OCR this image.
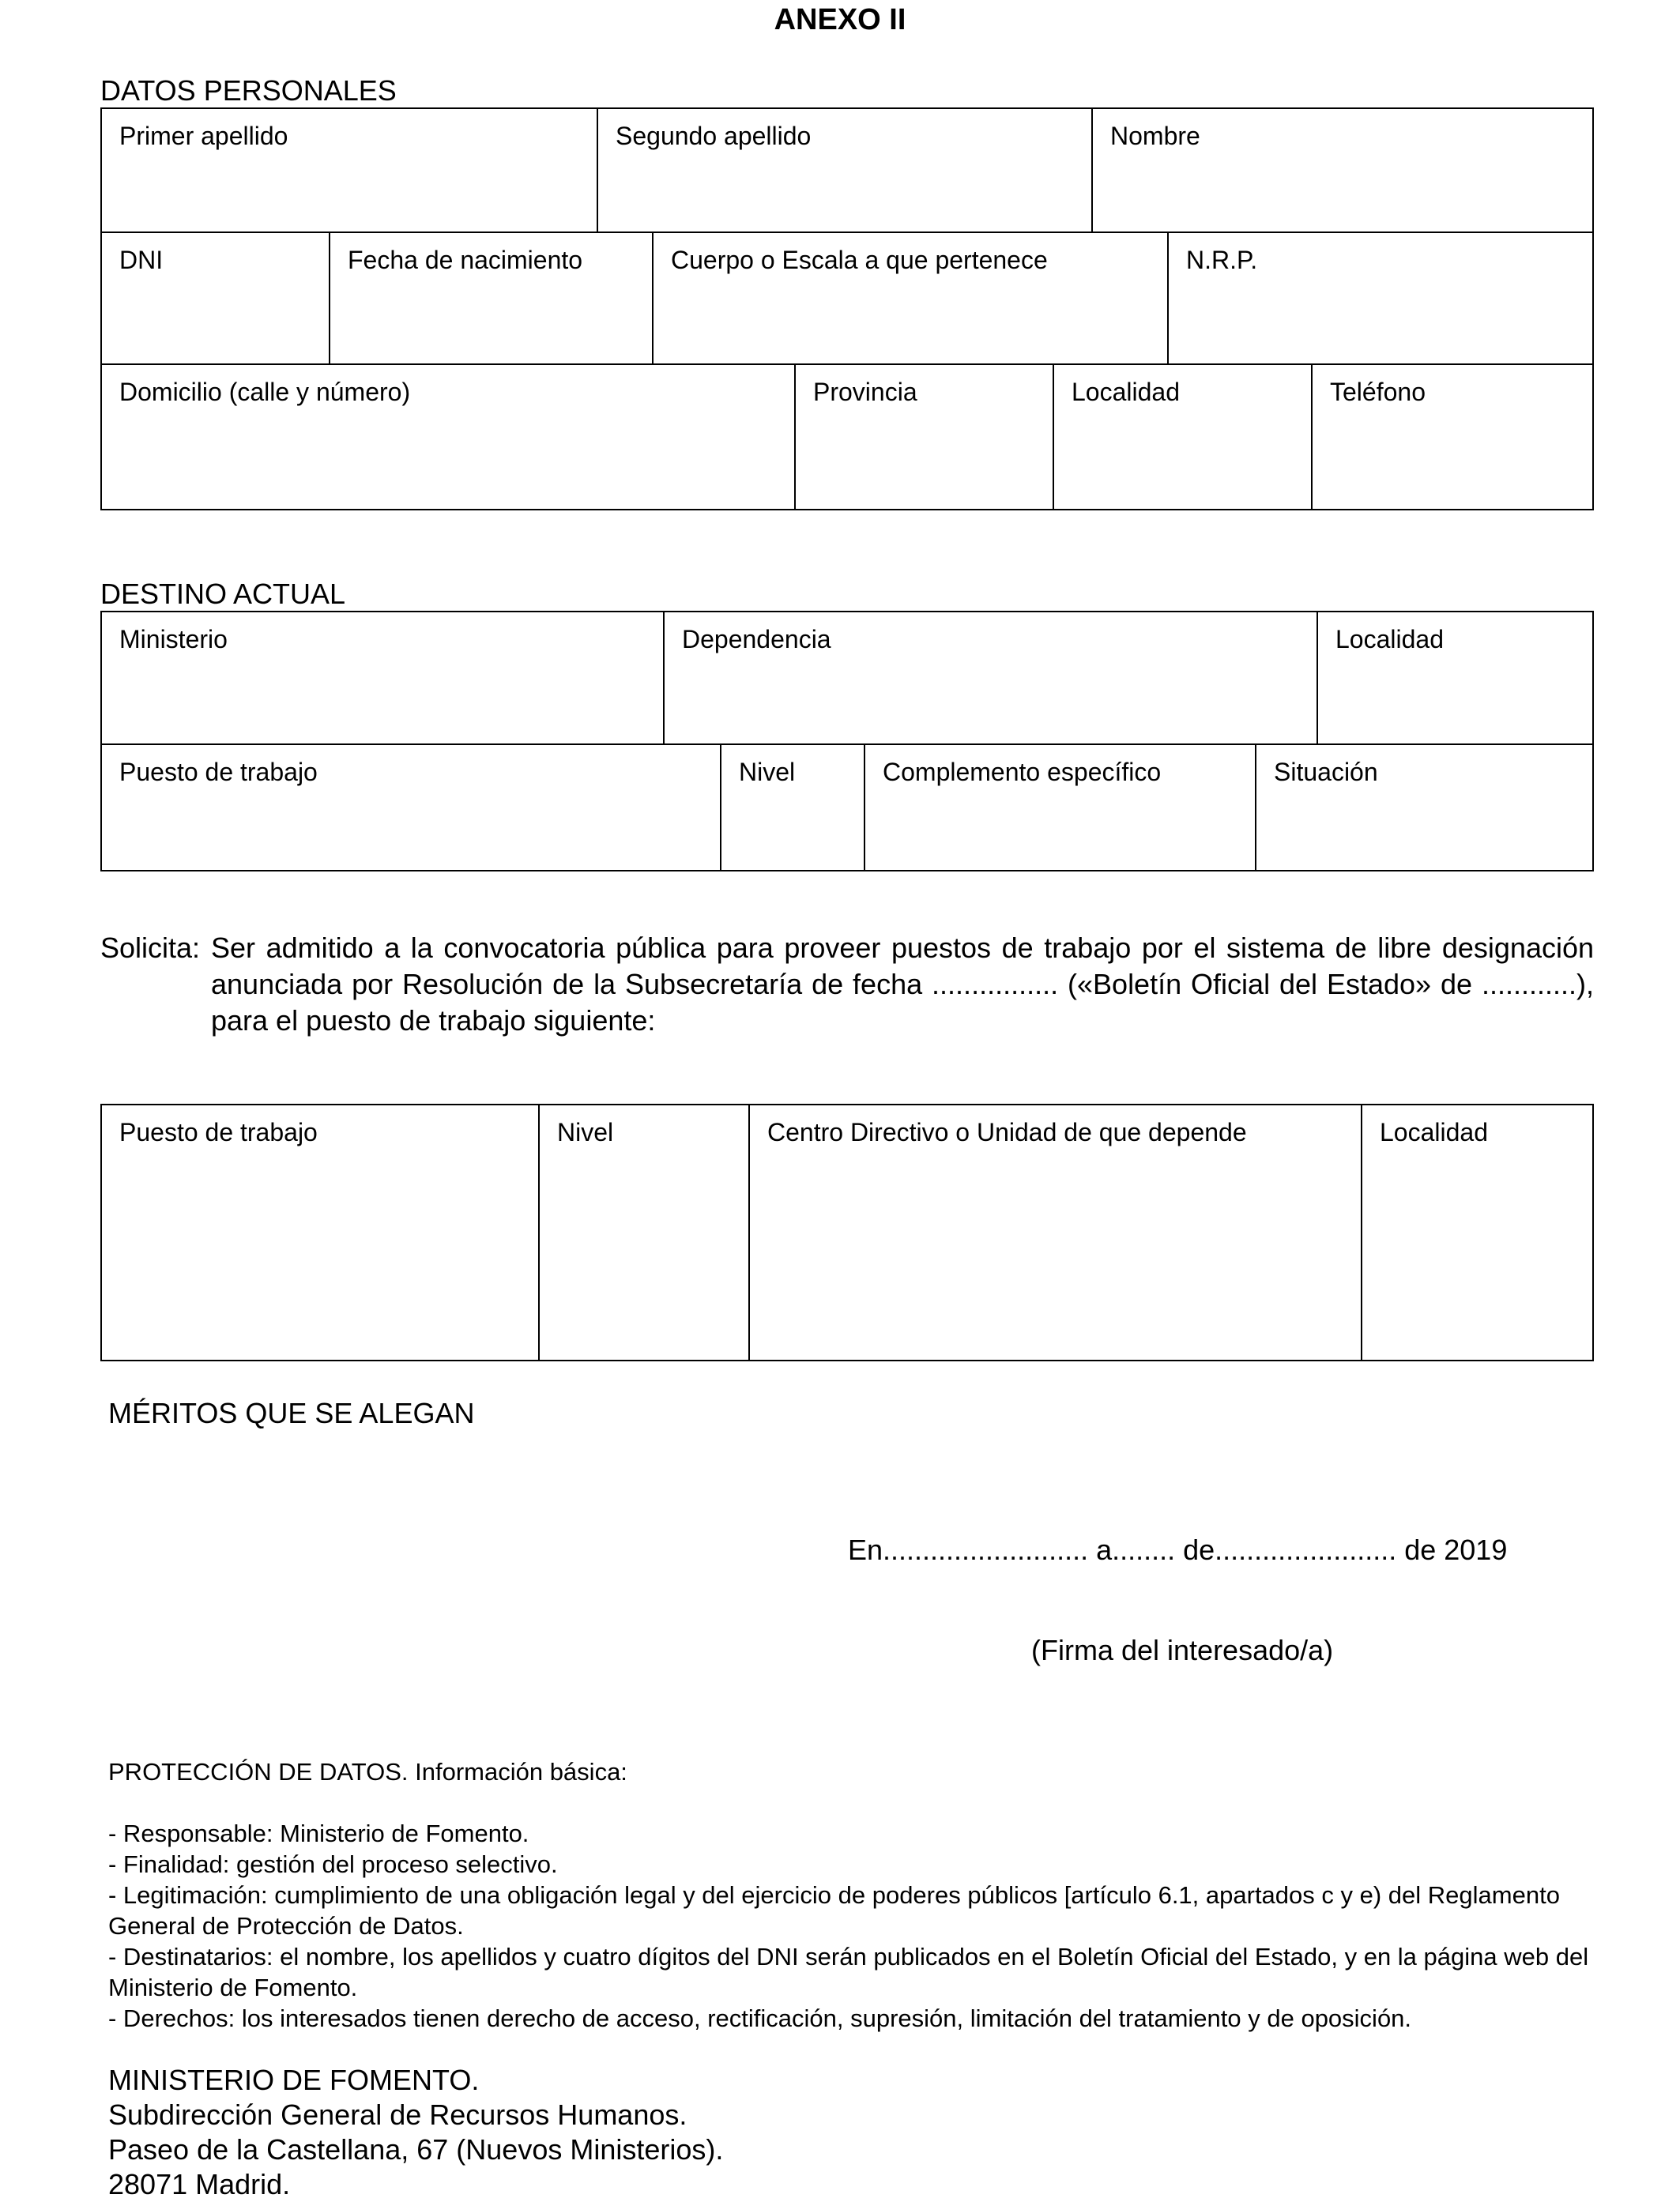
ANEXO II
DATOS PERSONALES
Primer apellido	Segundo apellido	Nombre
DNI	Fecha de nacimiento	Cuerpo o Escala a que pertenece	N.R.P.
Domicilio (calle y número)	Provincia	Localidad	Teléfono
DESTINO ACTUAL
Ministerio	Dependencia	Localidad
Puesto de trabajo	Nivel	Complemento específico	Situación
Solicita: Ser admitido a la convocatoria pública para proveer puestos de trabajo por el sistema de libre designación
anunciada por Resolución de la Subsecretaría de fecha ................ («Boletín Oficial del Estado» de ............),
para el puesto de trabajo siguiente:
Puesto de trabajo	Nivel	Centro Directivo o Unidad de que depende	Localidad
MÉRITOS QUE SE ALEGAN
En.......................... a........ de....................... de 2019
(Firma del interesado/a)
PROTECCIÓN DE DATOS. Información básica:
- Responsable: Ministerio de Fomento.
- Finalidad: gestión del proceso selectivo.
- Legitimación: cumplimiento de una obligación legal y del ejercicio de poderes públicos [artículo 6.1, apartados c y e) del Reglamento General de Protección de Datos.
- Destinatarios: el nombre, los apellidos y cuatro dígitos del DNI serán publicados en el Boletín Oficial del Estado, y en la página web del Ministerio de Fomento.
- Derechos: los interesados tienen derecho de acceso, rectificación, supresión, limitación del tratamiento y de oposición.
MINISTERIO DE FOMENTO.
Subdirección General de Recursos Humanos.
Paseo de la Castellana, 67 (Nuevos Ministerios).
28071 Madrid.
